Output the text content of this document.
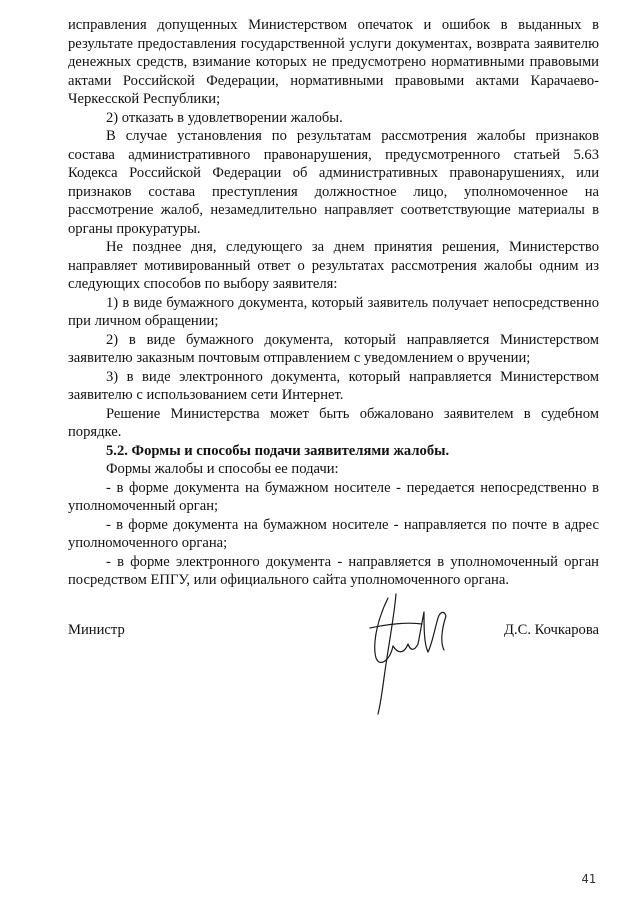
исправления допущенных Министерством опечаток и ошибок в выданных в результате предоставления государственной услуги документах, возврата заявителю денежных средств, взимание которых не предусмотрено нормативными правовыми актами Российской Федерации, нормативными правовыми актами Карачаево-Черкесской Республики;

2) отказать в удовлетворении жалобы.

В случае установления по результатам рассмотрения жалобы признаков состава административного правонарушения, предусмотренного статьей 5.63 Кодекса Российской Федерации об административных правонарушениях, или признаков состава преступления должностное лицо, уполномоченное на рассмотрение жалоб, незамедлительно направляет соответствующие материалы в органы прокуратуры.

Не позднее дня, следующего за днем принятия решения, Министерство направляет мотивированный ответ о результатах рассмотрения жалобы одним из следующих способов по выбору заявителя:

1) в виде бумажного документа, который заявитель получает непосредственно при личном обращении;

2) в виде бумажного документа, который направляется Министерством заявителю заказным почтовым отправлением с уведомлением о вручении;

3) в виде электронного документа, который направляется Министерством заявителю с использованием сети Интернет.

Решение Министерства может быть обжаловано заявителем в судебном порядке.

5.2. Формы и способы подачи заявителями жалобы.

Формы жалобы и способы ее подачи:

- в форме документа на бумажном носителе - передается непосредственно в уполномоченный орган;

- в форме документа на бумажном носителе - направляется по почте в адрес уполномоченного органа;

- в форме электронного документа - направляется в уполномоченный орган посредством ЕПГУ, или официального сайта уполномоченного органа.

Министр	Д.С. Кочкарова
41
